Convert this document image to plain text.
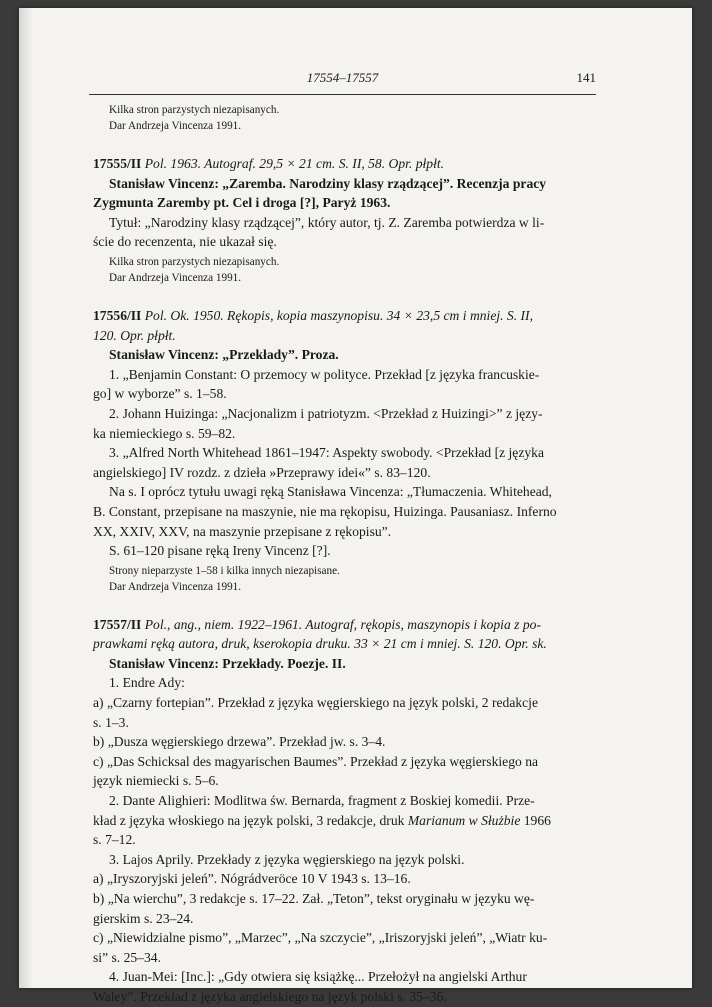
17554–17557	141

Kilka stron parzystych niezapisanych.

Dar Andrzeja Vincenza 1991.

17555/II Pol. 1963. Autograf. 29,5 × 21 cm. S. II, 58. Opr. płpłt.

Stanisław Vincenz: „Zaremba. Narodziny klasy rządzącej”. Recenzja pracy

Zygmunta Zaremby pt. Cel i droga [?], Paryż 1963.

Tytuł: „Narodziny klasy rządzącej”, który autor, tj. Z. Zaremba potwierdza w li-

ście do recenzenta, nie ukazał się.

Kilka stron parzystych niezapisanych.

Dar Andrzeja Vincenza 1991.

17556/II Pol. Ok. 1950. Rękopis, kopia maszynopisu. 34 × 23,5 cm i mniej. S. II,

120. Opr. płpłt.

Stanisław Vincenz: „Przekłady”. Proza.

1. „Benjamin Constant: O przemocy w polityce. Przekład [z języka francuskie-

go] w wyborze” s. 1–58.

2. Johann Huizinga: „Nacjonalizm i patriotyzm. <Przekład z Huizingi>” z języ-

ka niemieckiego s. 59–82.

3. „Alfred North Whitehead 1861–1947: Aspekty swobody. <Przekład [z języka

angielskiego] IV rozdz. z dzieła »Przeprawy idei«” s. 83–120.

Na s. I oprócz tytułu uwagi ręką Stanisława Vincenza: „Tłumaczenia. Whitehead,

B. Constant, przepisane na maszynie, nie ma rękopisu, Huizinga. Pausaniasz. Inferno

XX, XXIV, XXV, na maszynie przepisane z rękopisu”.

S. 61–120 pisane ręką Ireny Vincenz [?].

Strony nieparzyste 1–58 i kilka innych niezapisane.

Dar Andrzeja Vincenza 1991.

17557/II Pol., ang., niem. 1922–1961. Autograf, rękopis, maszynopis i kopia z po-

prawkami ręką autora, druk, kserokopia druku. 33 × 21 cm i mniej. S. 120. Opr. sk.

Stanisław Vincenz: Przekłady. Poezje. II.

1. Endre Ady:

a) „Czarny fortepian”. Przekład z języka węgierskiego na język polski, 2 redakcje

s. 1–3.

b) „Dusza węgierskiego drzewa”. Przekład jw. s. 3–4.

c) „Das Schicksal des magyarischen Baumes”. Przekład z języka węgierskiego na

język niemiecki s. 5–6.

2. Dante Alighieri: Modlitwa św. Bernarda, fragment z Boskiej komedii. Prze-

kład z języka włoskiego na język polski, 3 redakcje, druk Marianum w Służbie 1966

s. 7–12.

3. Lajos Aprily. Przekłady z języka węgierskiego na język polski.

a) „Iryszoryjski jeleń”. Nógrádveröce 10 V 1943 s. 13–16.

b) „Na wierchu”, 3 redakcje s. 17–22. Zał. „Teton”, tekst oryginału w języku wę-

gierskim s. 23–24.

c) „Niewidzialne pismo”, „Marzec”, „Na szczycie”, „Iriszoryjski jeleń”, „Wiatr ku-

si” s. 25–34.

4. Juan-Mei: [Inc.]: „Gdy otwiera się książkę... Przełożył na angielski Arthur

Waley”. Przekład z języka angielskiego na język polski s. 35–36.
